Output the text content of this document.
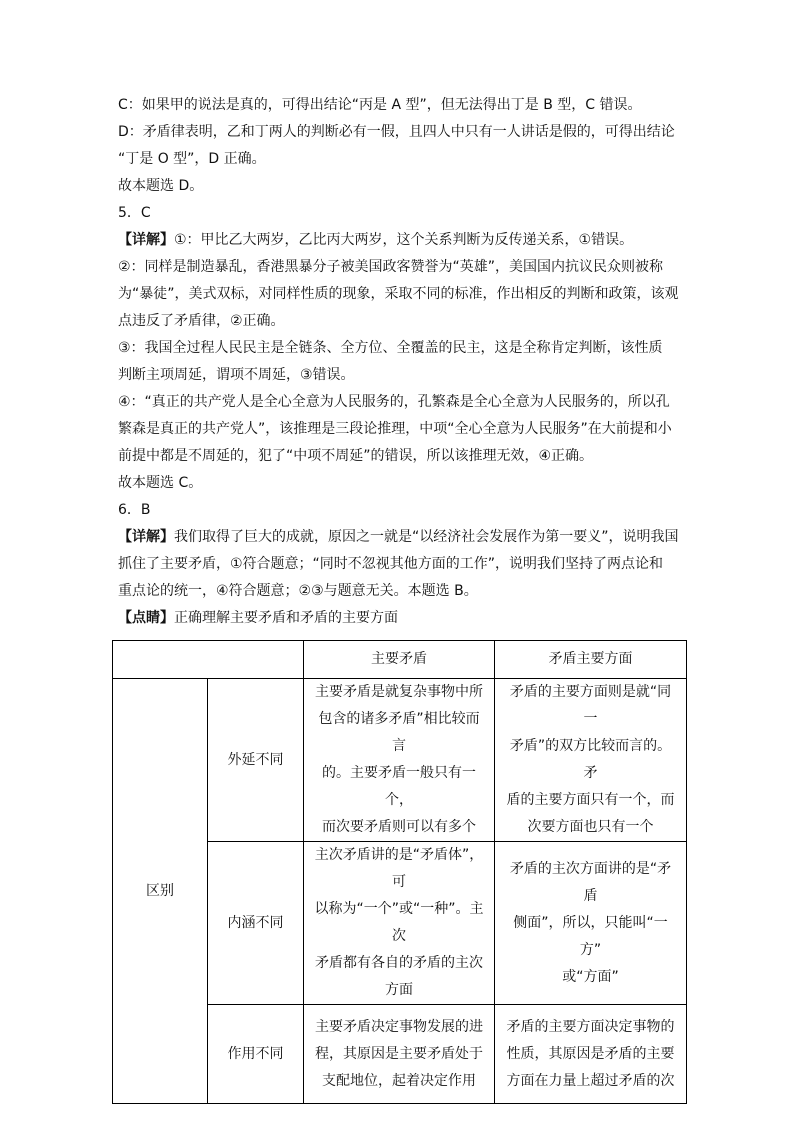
C：如果甲的说法是真的，可得出结论“丙是 A 型”，但无法得出丁是 B 型，C 错误。

D：矛盾律表明，乙和丁两人的判断必有一假，且四人中只有一人讲话是假的，可得出结论

“丁是 O 型”，D 正确。

故本题选 D。

5．C

【详解】①：甲比乙大两岁，乙比丙大两岁，这个关系判断为反传递关系，①错误。

②：同样是制造暴乱，香港黑暴分子被美国政客赞誉为“英雄”，美国国内抗议民众则被称

为“暴徒”，美式双标，对同样性质的现象，采取不同的标准，作出相反的判断和政策，该观

点违反了矛盾律，②正确。

③：我国全过程人民民主是全链条、全方位、全覆盖的民主，这是全称肯定判断，该性质

判断主项周延，谓项不周延，③错误。

④：“真正的共产党人是全心全意为人民服务的，孔繁森是全心全意为人民服务的，所以孔

繁森是真正的共产党人”，该推理是三段论推理，中项“全心全意为人民服务”在大前提和小

前提中都是不周延的，犯了“中项不周延”的错误，所以该推理无效，④正确。

故本题选 C。

6．B

【详解】我们取得了巨大的成就，原因之一就是“以经济社会发展作为第一要义”，说明我国

抓住了主要矛盾，①符合题意；“同时不忽视其他方面的工作”，说明我们坚持了两点论和

重点论的统一，④符合题意；②③与题意无关。本题选 B。

【点睛】正确理解主要矛盾和矛盾的主要方面

		主要矛盾	矛盾主要方面
区别	外延不同	主要矛盾是就复杂事物中所
包含的诸多矛盾”相比较而言
的。主要矛盾一般只有一个，
而次要矛盾则可以有多个	矛盾的主要方面则是就“同一
矛盾”的双方比较而言的。矛
盾的主要方面只有一个，而
次要方面也只有一个
	内涵不同	主次矛盾讲的是“矛盾体”，可
以称为“一个”或“一种”。主次
矛盾都有各自的矛盾的主次
方面	矛盾的主次方面讲的是“矛盾
侧面”，所以，只能叫“一方”
或“方面”
	作用不同	主要矛盾决定事物发展的进
程，其原因是主要矛盾处于
支配地位，起着决定作用	矛盾的主要方面决定事物的
性质，其原因是矛盾的主要
方面在力量上超过矛盾的次
